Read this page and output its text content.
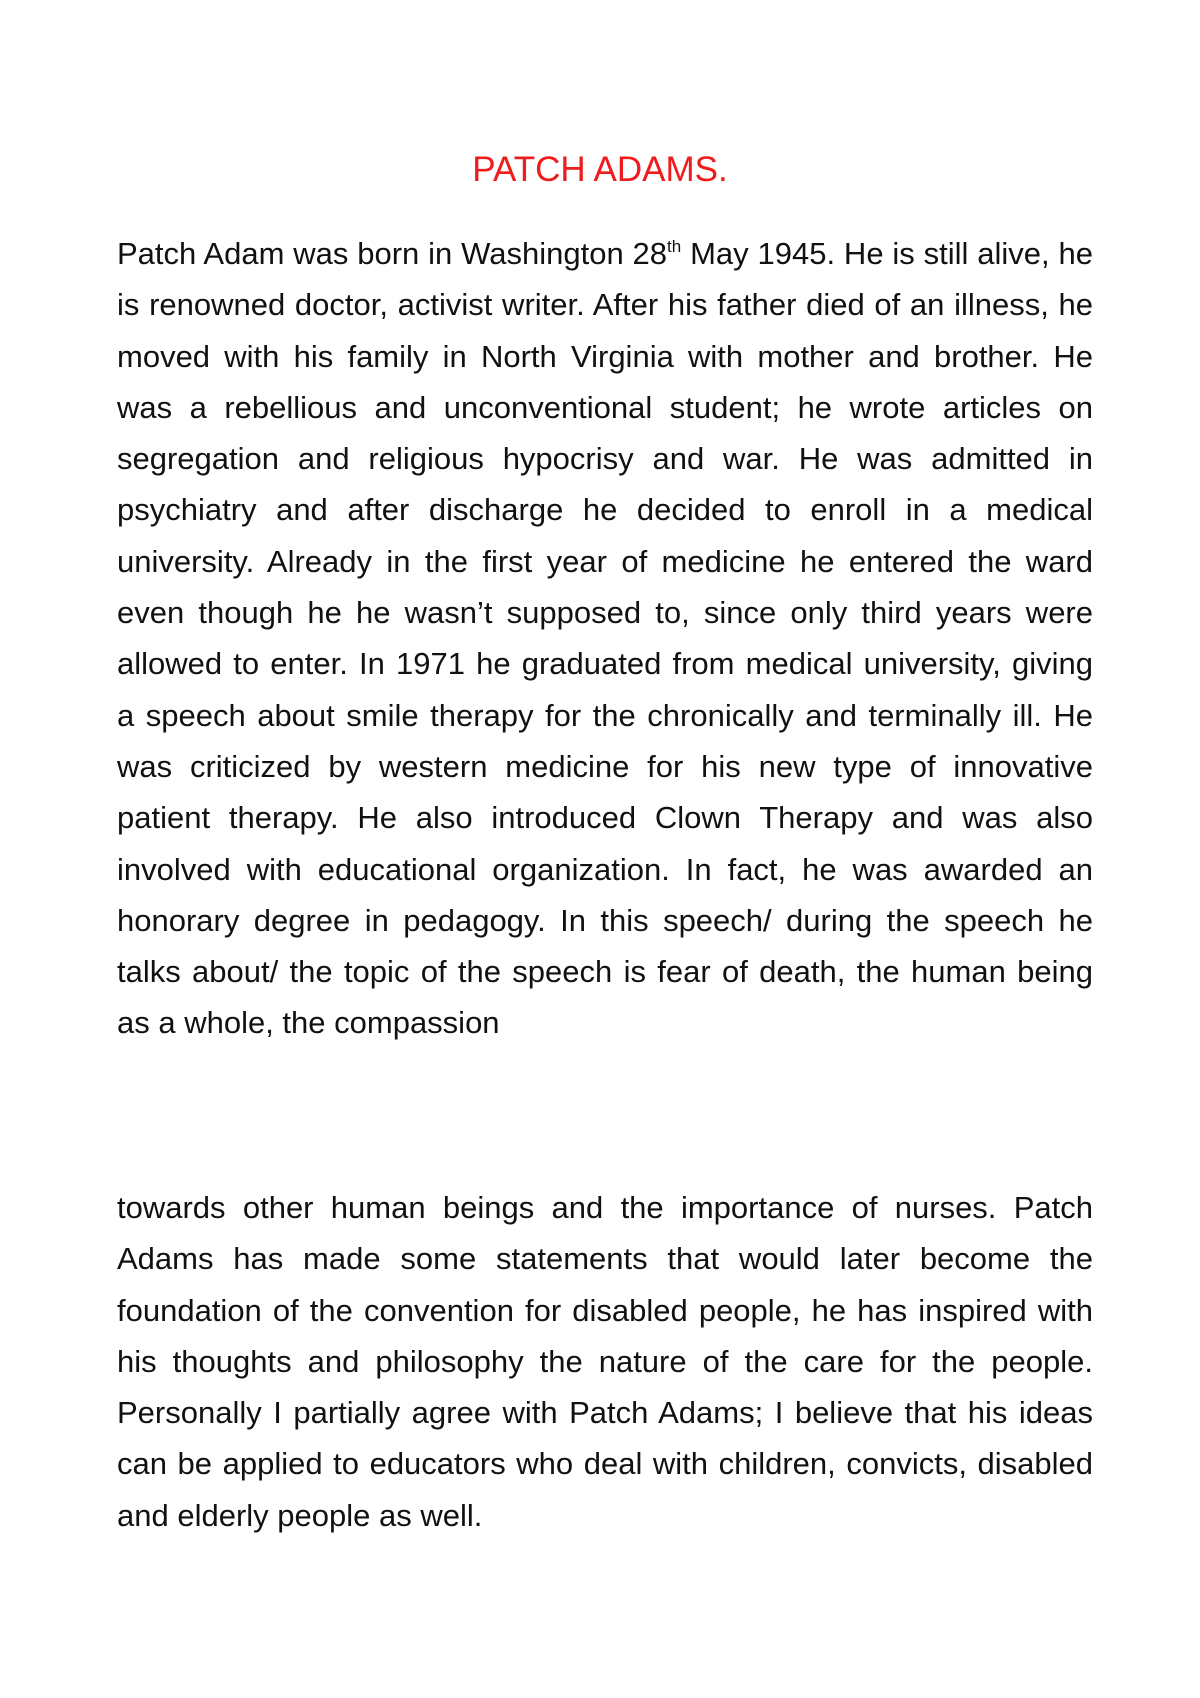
PATCH ADAMS.

Patch Adam was born in Washington 28th May 1945. He is still alive, he is renowned doctor, activist writer. After his father died of an illness, he moved with his family in North Virginia with mother and brother. He was a rebellious and unconventional student; he wrote articles on segregation and religious hypocrisy and war. He was admitted in psychiatry and after discharge he decided to enroll in a medical university. Already in the first year of medicine he entered the ward even though he he wasn’t supposed to, since only third years were allowed to enter. In 1971 he graduated from medical university, giving a speech about smile therapy for the chronically and terminally ill. He was criticized by western medicine for his new type of innovative patient therapy. He also introduced Clown Therapy and was also involved with educational organization. In fact, he was awarded an honorary degree in pedagogy. In this speech/ during the speech he talks about/ the topic of the speech is fear of death, the human being as a whole, the compassion

towards other human beings and the importance of nurses. Patch Adams has made some statements that would later become the foundation of the convention for disabled people, he has inspired with his thoughts and philosophy the nature of the care for the people. Personally I partially agree with Patch Adams; I believe that his ideas can be applied to educators who deal with children, convicts, disabled and elderly people as well.
